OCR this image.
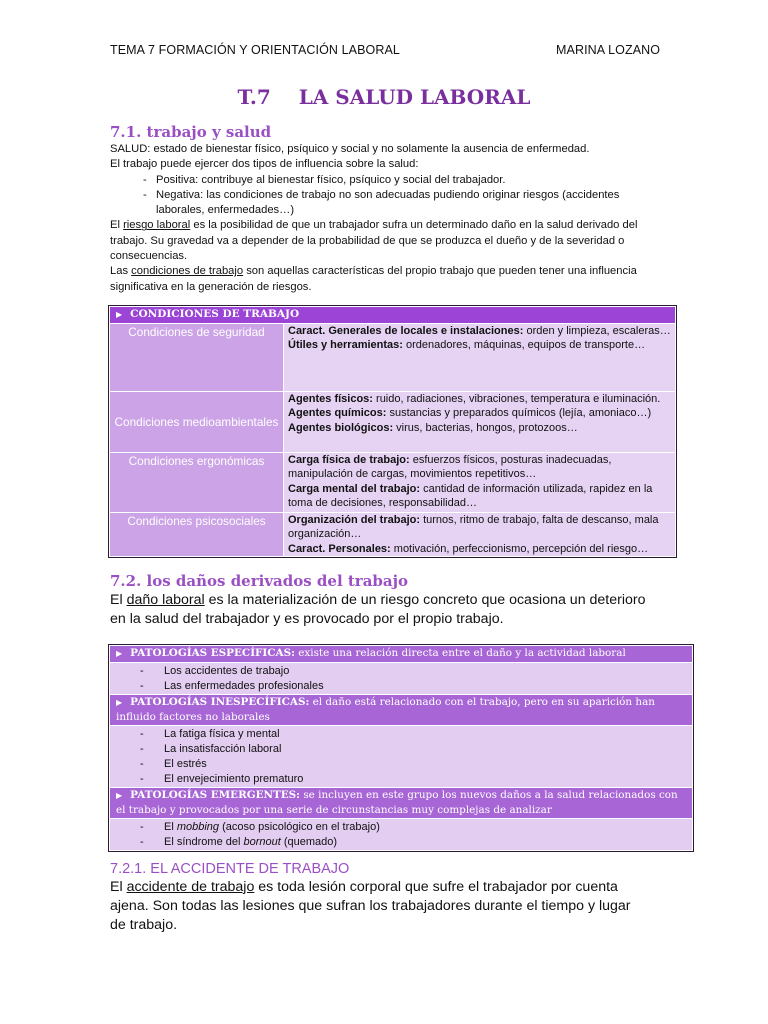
TEMA 7 FORMACIÓN Y ORIENTACIÓN LABORAL	MARINA LOZANO
T.7 LA SALUD LABORAL
7.1. trabajo y salud

SALUD: estado de bienestar físico, psíquico y social y no solamente la ausencia de enfermedad.

El trabajo puede ejercer dos tipos de influencia sobre la salud:

- Positiva: contribuye al bienestar físico, psíquico y social del trabajador.

- Negativa: las condiciones de trabajo no son adecuadas pudiendo originar riesgos (accidentes laborales, enfermedades…)

El riesgo laboral es la posibilidad de que un trabajador sufra un determinado daño en la salud derivado del trabajo. Su gravedad va a depender de la probabilidad de que se produzca el dueño y de la severidad o consecuencias.

Las condiciones de trabajo son aquellas características del propio trabajo que pueden tener una influencia significativa en la generación de riesgos.

▶ CONDICIONES DE TRABAJO	
Condiciones de seguridad	Caract. Generales de locales e instalaciones: orden y limpieza, escaleras…
Útiles y herramientas: ordenadores, máquinas, equipos de transporte…

Condiciones medioambientales	Agentes físicos: ruido, radiaciones, vibraciones, temperatura e iluminación.
Agentes químicos: sustancias y preparados químicos (lejía, amoniaco…)
Agentes biológicos: virus, bacterias, hongos, protozoos…

Condiciones ergonómicas	Carga física de trabajo: esfuerzos físicos, posturas inadecuadas, manipulación de cargas, movimientos repetitivos…
Carga mental del trabajo: cantidad de información utilizada, rapidez en la toma de decisiones, responsabilidad…

Condiciones psicosociales	Organización del trabajo: turnos, ritmo de trabajo, falta de descanso, mala organización…
Caract. Personales: motivación, perfeccionismo, percepción del riesgo…
7.2. los daños derivados del trabajo
El daño laboral es la materialización de un riesgo concreto que ocasiona un deterioro en la salud del trabajador y es provocado por el propio trabajo.
▶ PATOLOGÍAS ESPECÍFICAS: existe una relación directa entre el daño y la actividad laboral

- Los accidentes de trabajo
- Las enfermedades profesionales

▶ PATOLOGÍAS INESPECÍFICAS: el daño está relacionado con el trabajo, pero en su aparición han influido factores no laborales

- La fatiga física y mental
- La insatisfacción laboral
- El estrés
- El envejecimiento prematuro

▶ PATOLOGÍAS EMERGENTES: se incluyen en este grupo los nuevos daños a la salud relacionados con el trabajo y provocados por una serie de circunstancias muy complejas de analizar

- El mobbing (acoso psicológico en el trabajo)
- El síndrome del bornout (quemado)
7.2.1. EL ACCIDENTE DE TRABAJO
El accidente de trabajo es toda lesión corporal que sufre el trabajador por cuenta ajena. Son todas las lesiones que sufran los trabajadores durante el tiempo y lugar de trabajo.
